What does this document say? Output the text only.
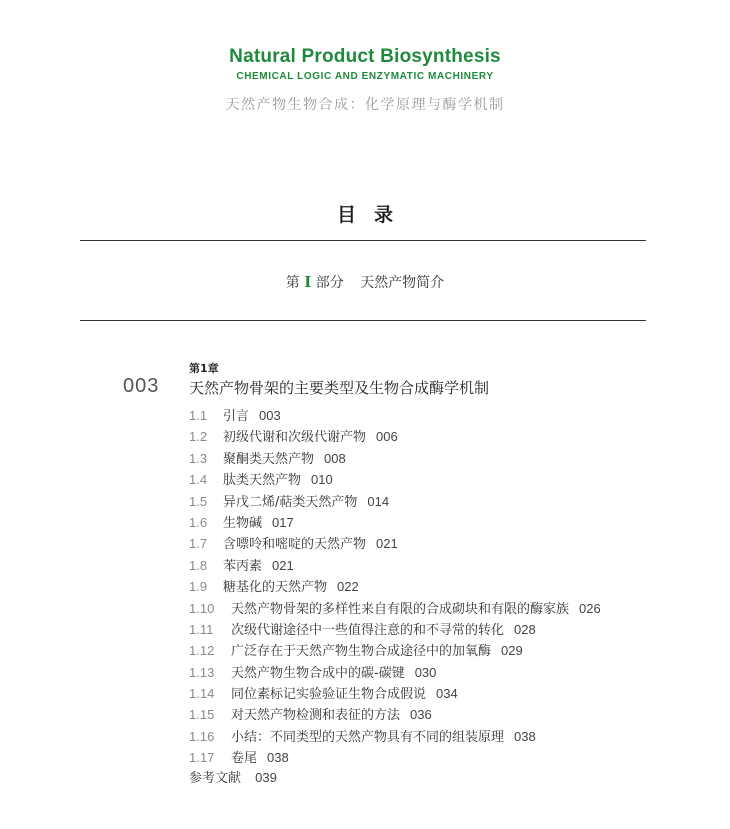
Natural Product Biosynthesis
CHEMICAL LOGIC AND ENZYMATIC MACHINERY
天然产物生物合成：化学原理与酶学机制
目录
第 I 部分 天然产物简介
第1章
003 天然产物骨架的主要类型及生物合成酶学机制
1.1 引言 003
1.2 初级代谢和次级代谢产物 006
1.3 聚酮类天然产物 008
1.4 肽类天然产物 010
1.5 异戊二烯/萜类天然产物 014
1.6 生物碱 017
1.7 含嘌呤和嘧啶的天然产物 021
1.8 苯丙素 021
1.9 糖基化的天然产物 022
1.10 天然产物骨架的多样性来自有限的合成砌块和有限的酶家族 026
1.11 次级代谢途径中一些值得注意的和不寻常的转化 028
1.12 广泛存在于天然产物生物合成途径中的加氧酶 029
1.13 天然产物生物合成中的碳-碳键 030
1.14 同位素标记实验验证生物合成假说 034
1.15 对天然产物检测和表征的方法 036
1.16 小结：不同类型的天然产物具有不同的组装原理 038
1.17 卷尾 038
参考文献 039
